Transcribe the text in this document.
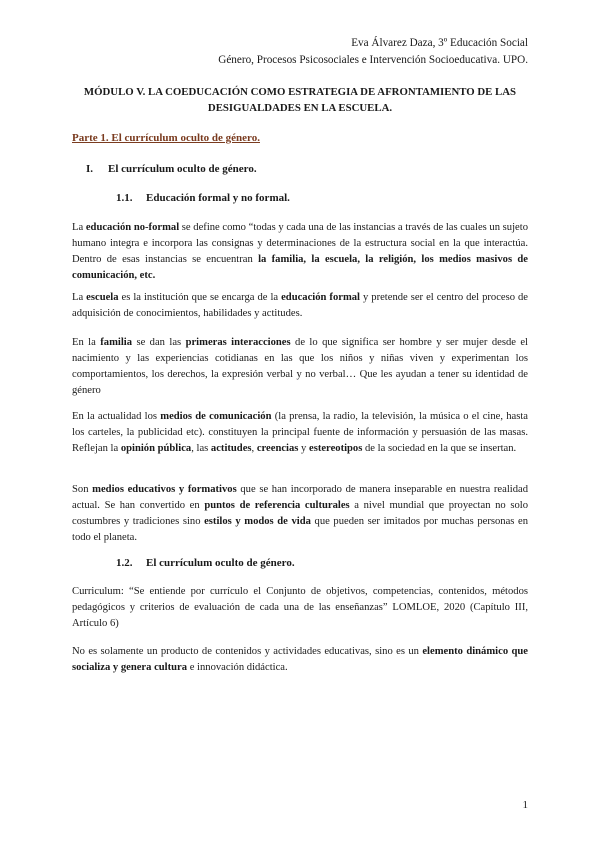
Eva Álvarez Daza, 3º Educación Social
Género, Procesos Psicosociales e Intervención Socioeducativa. UPO.
MÓDULO V. LA COEDUCACIÓN COMO ESTRATEGIA DE AFRONTAMIENTO DE LAS DESIGUALDADES EN LA ESCUELA.
Parte 1. El currículum oculto de género.
I. El currículum oculto de género.
1.1. Educación formal y no formal.
La educación no-formal se define como “todas y cada una de las instancias a través de las cuales un sujeto humano integra e incorpora las consignas y determinaciones de la estructura social en la que interactúa. Dentro de esas instancias se encuentran la familia, la escuela, la religión, los medios masivos de comunicación, etc.
La escuela es la institución que se encarga de la educación formal y pretende ser el centro del proceso de adquisición de conocimientos, habilidades y actitudes.
En la familia se dan las primeras interacciones de lo que significa ser hombre y ser mujer desde el nacimiento y las experiencias cotidianas en las que los niños y niñas viven y experimentan los comportamientos, los derechos, la expresión verbal y no verbal… Que les ayudan a tener su identidad de género
En la actualidad los medios de comunicación (la prensa, la radio, la televisión, la música o el cine, hasta los carteles, la publicidad etc). constituyen la principal fuente de información y persuasión de las masas. Reflejan la opinión pública, las actitudes, creencias y estereotipos de la sociedad en la que se insertan.
Son medios educativos y formativos que se han incorporado de manera inseparable en nuestra realidad actual. Se han convertido en puntos de referencia culturales a nivel mundial que proyectan no solo costumbres y tradiciones sino estilos y modos de vida que pueden ser imitados por muchas personas en todo el planeta.
1.2. El currículum oculto de género.
Curriculum: “Se entiende por currículo el Conjunto de objetivos, competencias, contenidos, métodos pedagógicos y criterios de evaluación de cada una de las enseñanzas” LOMLOE, 2020 (Capítulo III, Artículo 6)
No es solamente un producto de contenidos y actividades educativas, sino es un elemento dinámico que socializa y genera cultura e innovación didáctica.
1
